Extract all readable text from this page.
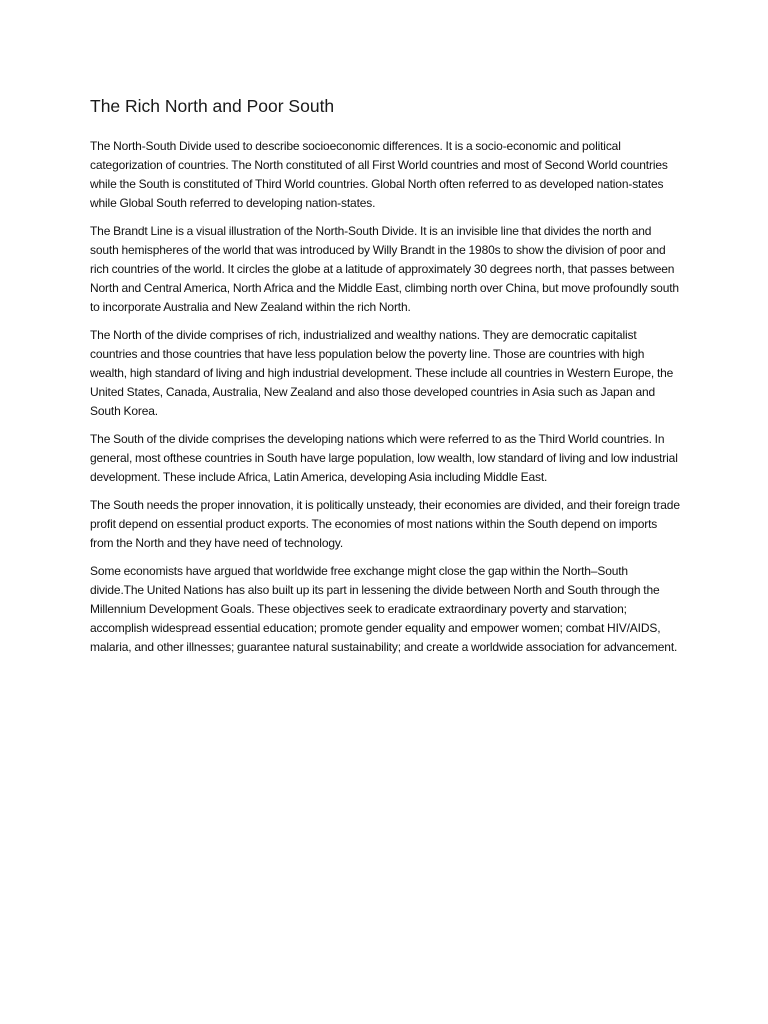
The Rich North and Poor South

The North-South Divide used to describe socioeconomic differences. It is a socio-economic and political categorization of countries. The North constituted of all First World countries and most of Second World countries while the South is constituted of Third World countries. Global North often referred to as developed nation-states while Global South referred to developing nation-states.

The Brandt Line is a visual illustration of the North-South Divide. It is an invisible line that divides the north and south hemispheres of the world that was introduced by Willy Brandt in the 1980s to show the division of poor and rich countries of the world. It circles the globe at a latitude of approximately 30 degrees north, that passes between North and Central America, North Africa and the Middle East, climbing north over China, but move profoundly south to incorporate Australia and New Zealand within the rich North.

The North of the divide comprises of rich, industrialized and wealthy nations. They are democratic capitalist countries and those countries that have less population below the poverty line. Those are countries with high wealth, high standard of living and high industrial development. These include all countries in Western Europe, the United States, Canada, Australia, New Zealand and also those developed countries in Asia such as Japan and South Korea.

The South of the divide comprises the developing nations which were referred to as the Third World countries. In general, most ofthese countries in South have large population, low wealth, low standard of living and low industrial development. These include Africa, Latin America, developing Asia including Middle East.

The South needs the proper innovation, it is politically unsteady, their economies are divided, and their foreign trade profit depend on essential product exports. The economies of most nations within the South depend on imports from the North and they have need of technology.

Some economists have argued that worldwide free exchange might close the gap within the North–South divide.The United Nations has also built up its part in lessening the divide between North and South through the Millennium Development Goals. These objectives seek to eradicate extraordinary poverty and starvation; accomplish widespread essential education; promote gender equality and empower women; combat HIV/AIDS, malaria, and other illnesses; guarantee natural sustainability; and create a worldwide association for advancement.
